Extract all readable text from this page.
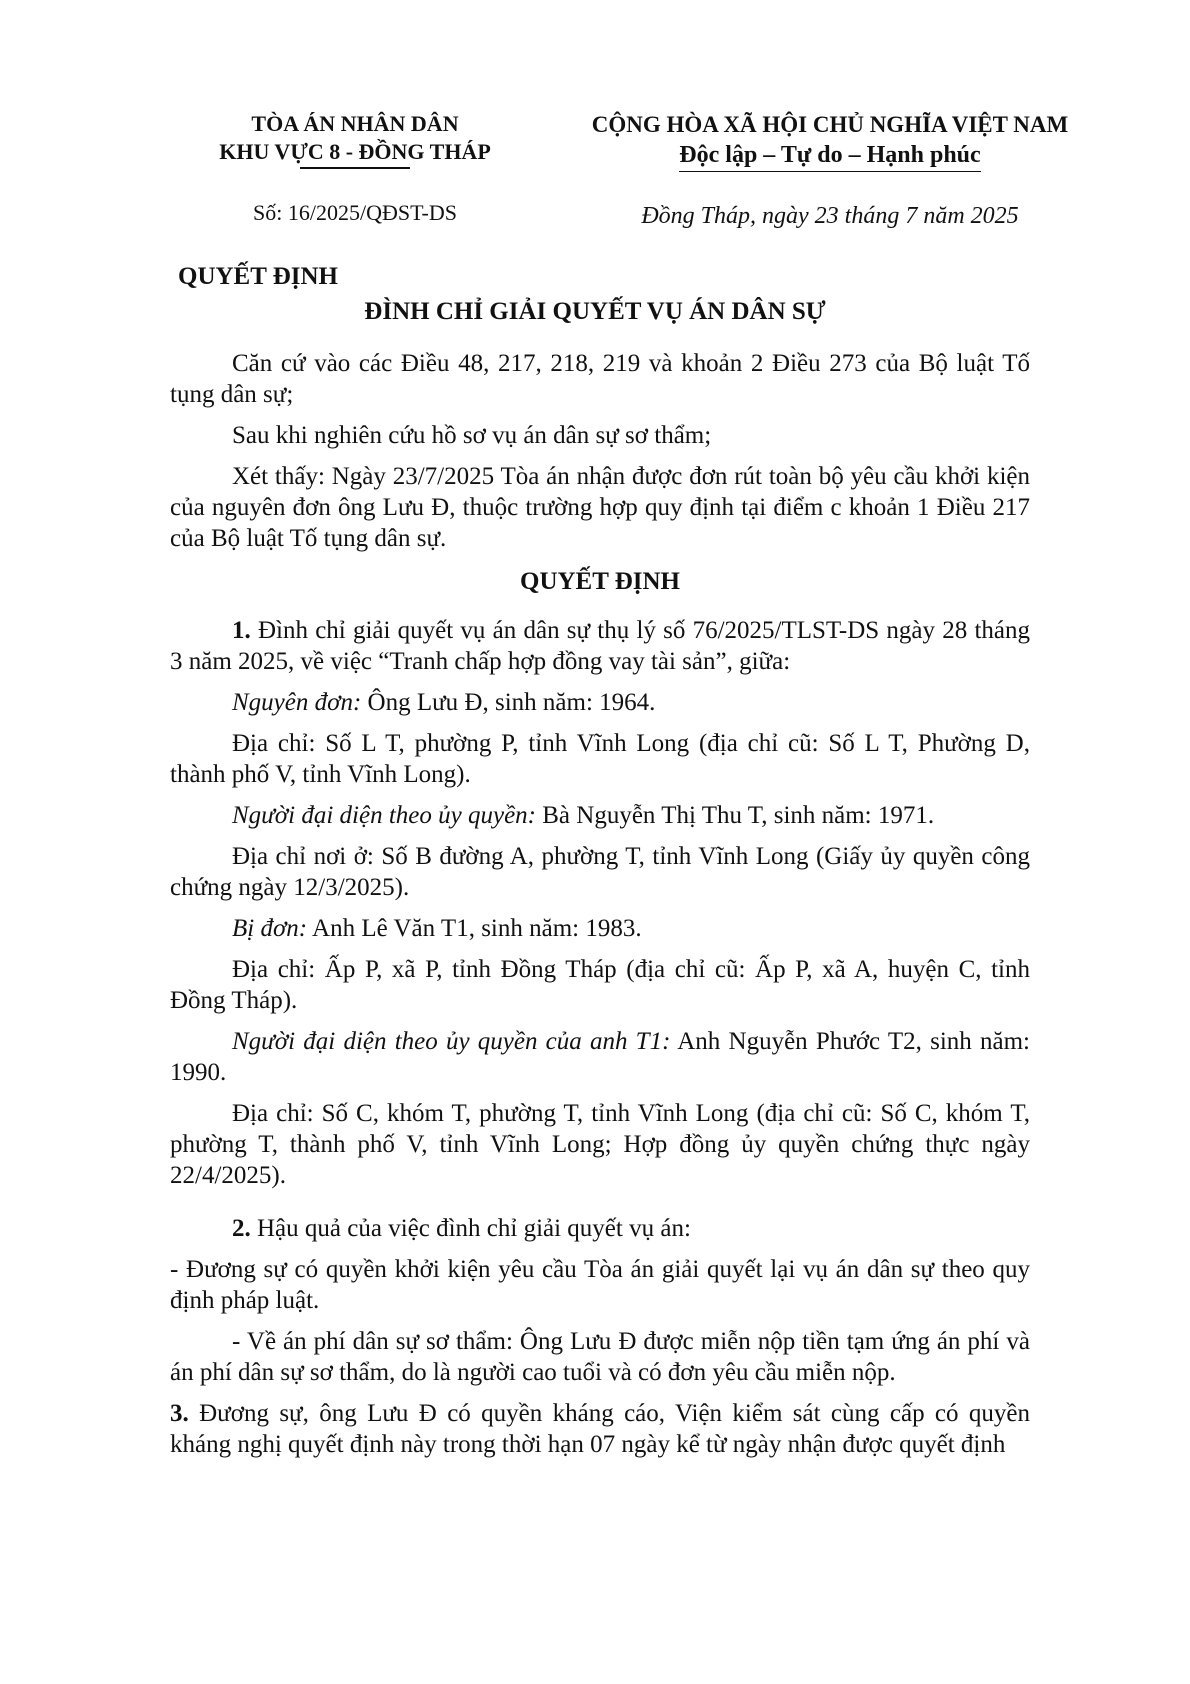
TÒA ÁN NHÂN DÂN
KHU VỰC 8 - ĐỒNG THÁP
CỘNG HÒA XÃ HỘI CHỦ NGHĨA VIỆT NAM
Độc lập – Tự do – Hạnh phúc
Số: 16/2025/QĐST-DS	Đồng Tháp, ngày 23 tháng 7 năm 2025
QUYẾT ĐỊNH
ĐÌNH CHỈ GIẢI QUYẾT VỤ ÁN DÂN SỰ

Căn cứ vào các Điều 48, 217, 218, 219 và khoản 2 Điều 273 của Bộ luật Tố tụng dân sự;

Sau khi nghiên cứu hồ sơ vụ án dân sự sơ thẩm;

Xét thấy: Ngày 23/7/2025 Tòa án nhận được đơn rút toàn bộ yêu cầu khởi kiện của nguyên đơn ông Lưu Đ, thuộc trường hợp quy định tại điểm c khoản 1 Điều 217 của Bộ luật Tố tụng dân sự.

QUYẾT ĐỊNH

1. Đình chỉ giải quyết vụ án dân sự thụ lý số 76/2025/TLST-DS ngày 28 tháng 3 năm 2025, về việc “Tranh chấp hợp đồng vay tài sản”, giữa:

Nguyên đơn: Ông Lưu Đ, sinh năm: 1964.

Địa chỉ: Số L T, phường P, tỉnh Vĩnh Long (địa chỉ cũ: Số L T, Phường D, thành phố V, tỉnh Vĩnh Long).

Người đại diện theo ủy quyền: Bà Nguyễn Thị Thu T, sinh năm: 1971.

Địa chỉ nơi ở: Số B đường A, phường T, tỉnh Vĩnh Long (Giấy ủy quyền công chứng ngày 12/3/2025).

Bị đơn: Anh Lê Văn T1, sinh năm: 1983.

Địa chỉ: Ấp P, xã P, tỉnh Đồng Tháp (địa chỉ cũ: Ấp P, xã A, huyện C, tỉnh Đồng Tháp).

Người đại diện theo ủy quyền của anh T1: Anh Nguyễn Phước T2, sinh năm: 1990.

Địa chỉ: Số C, khóm T, phường T, tỉnh Vĩnh Long (địa chỉ cũ: Số C, khóm T, phường T, thành phố V, tỉnh Vĩnh Long; Hợp đồng ủy quyền chứng thực ngày 22/4/2025).

2. Hậu quả của việc đình chỉ giải quyết vụ án:

- Đương sự có quyền khởi kiện yêu cầu Tòa án giải quyết lại vụ án dân sự theo quy định pháp luật.

- Về án phí dân sự sơ thẩm: Ông Lưu Đ được miễn nộp tiền tạm ứng án phí và án phí dân sự sơ thẩm, do là người cao tuổi và có đơn yêu cầu miễn nộp.

3. Đương sự, ông Lưu Đ có quyền kháng cáo, Viện kiểm sát cùng cấp có quyền kháng nghị quyết định này trong thời hạn 07 ngày kể từ ngày nhận được quyết định
